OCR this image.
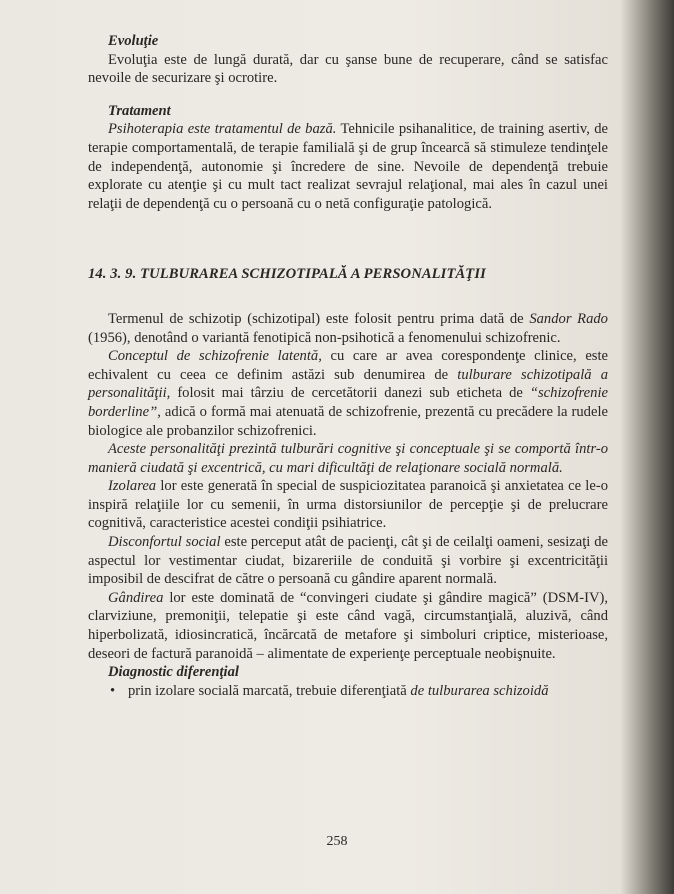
Evoluţie

Evoluţia este de lungă durată, dar cu şanse bune de recuperare, când se satisfac nevoile de securizare şi ocrotire.

Tratament

Psihoterapia este tratamentul de bază. Tehnicile psihanalitice, de training asertiv, de terapie comportamentală, de terapie familială şi de grup încearcă să stimuleze tendinţele de independenţă, autonomie şi încredere de sine. Nevoile de dependenţă trebuie explorate cu atenţie şi cu mult tact realizat sevrajul relaţional, mai ales în cazul unei relaţii de dependenţă cu o persoană cu o netă configuraţie patologică.

14. 3. 9. TULBURAREA SCHIZOTIPALĂ A PERSONALITĂŢII

Termenul de schizotip (schizotipal) este folosit pentru prima dată de Sandor Rado (1956), denotând o variantă fenotipică non-psihotică a fenomenului schizofrenic.

Conceptul de schizofrenie latentă, cu care ar avea corespondenţe clinice, este echivalent cu ceea ce definim astăzi sub denumirea de tulburare schizotipală a personalităţii, folosit mai târziu de cercetătorii danezi sub eticheta de “schizofrenie borderline”, adică o formă mai atenuată de schizofrenie, prezentă cu precădere la rudele biologice ale probanzilor schizofrenici.

Aceste personalităţi prezintă tulburări cognitive şi conceptuale şi se comportă într-o manieră ciudată şi excentrică, cu mari dificultăţi de relaţionare socială normală.

Izolarea lor este generată în special de suspiciozitatea paranoică şi anxietatea ce le-o inspiră relaţiile lor cu semenii, în urma distorsiunilor de percepţie şi de prelucrare cognitivă, caracteristice acestei condiţii psihiatrice.

Disconfortul social este perceput atât de pacienţi, cât şi de ceilalţi oameni, sesizaţi de aspectul lor vestimentar ciudat, bizareriile de conduită şi vorbire şi excentricităţii imposibil de descifrat de către o persoană cu gândire aparent normală.

Gândirea lor este dominată de “convingeri ciudate şi gândire magică” (DSM-IV), clarviziune, premoniţii, telepatie şi este când vagă, circumstanţială, aluzivă, când hiperbolizată, idiosincratică, încărcată de metafore şi simboluri criptice, misterioase, deseori de factură paranoidă – alimentate de experienţe perceptuale neobişnuite.

Diagnostic diferenţial

• prin izolare socială marcată, trebuie diferenţiată de tulburarea schizoidă
258
